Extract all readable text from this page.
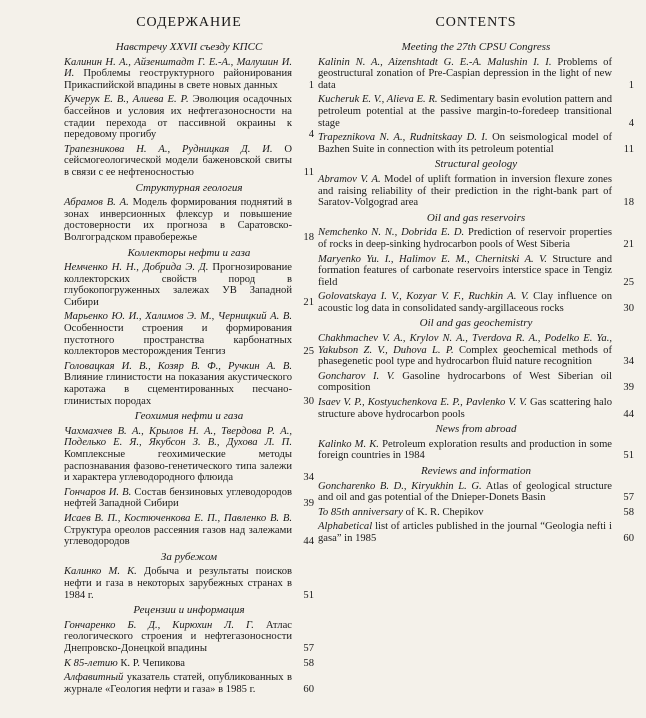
СОДЕРЖАНИЕ
Навстречу XXVII съезду КПСС
Калинин Н. А., Айзенштадт Г. Е.-А., Малушин И. И. Проблемы геоструктурного районирования Прикаспийской впадины в свете новых данных	1
Кучерук Е. В., Алиева Е. Р. Эволюция осадочных бассейнов и условия их нефтегазоносности на стадии перехода от пассивной окраины к передовому прогибу	4
Трапезникова Н. А., Рудницкая Д. И. О сейсмогеологической модели баженовской свиты в связи с ее нефтеносностью	11
Структурная геология
Абрамов В. А. Модель формирования поднятий в зонах инверсионных флексур и повышение достоверности их прогноза в Саратовско-Волгоградском правобережье	18
Коллекторы нефти и газа
Немченко Н. Н., Добрида Э. Д. Прогнозирование коллекторских свойств пород в глубокопогруженных залежах УВ Западной Сибири	21
Марьенко Ю. И., Халимов Э. М., Черницкий А. В. Особенности строения и формирования пустотного пространства карбонатных коллекторов месторождения Тенгиз	25
Головацкая И. В., Козяр В. Ф., Ручкин А. В. Влияние глинистости на показания акустического каротажа в сцементированных песчано-глинистых породах	30
Геохимия нефти и газа
Чахмахчев В. А., Крылов Н. А., Твердова Р. А., Поделько Е. Я., Якубсон З. В., Духова Л. П. Комплексные геохимические методы распознавания фазово-генетического типа залежи и характера углеводородного флюида	34
Гончаров И. В. Состав бензиновых углеводородов нефтей Западной Сибири	39
Исаев В. П., Костюченкова Е. П., Павленко В. В. Структура ореолов рассеяния газов над залежами углеводородов	44
За рубежом
Калинко М. К. Добыча и результаты поисков нефти и газа в некоторых зарубежных странах в 1984 г.	51
Рецензии и информация
Гончаренко Б. Д., Кирюхин Л. Г. Атлас геологического строения и нефтегазоносности Днепровско-Донецкой впадины	57
К 85-летию К. Р. Чепикова	58
Алфавитный указатель статей, опубликованных в журнале «Геология нефти и газа» в 1985 г.	60
CONTENTS
Meeting the 27th CPSU Congress
Kalinin N. A., Aizenshtadt G. E.-A. Malushin I. I. Problems of geostructural zonation of Pre-Caspian depression in the light of new data	1
Kucheruk E. V., Alieva E. R. Sedimentary basin evolution pattern and petroleum potential at the passive margin-to-foredeep transitional stage	4
Trapeznikova N. A., Rudnitskaay D. I. On seismological model of Bazhen Suite in connection with its petroleum potential	11
Structural geology
Abramov V. A. Model of uplift formation in inversion flexure zones and raising reliability of their prediction in the right-bank part of Saratov-Volgograd area	18
Oil and gas reservoirs
Nemchenko N. N., Dobrida E. D. Prediction of reservoir properties of rocks in deep-sinking hydrocarbon pools of West Siberia	21
Maryenko Yu. I., Halimov E. M., Chernitski A. V. Structure and formation features of carbonate reservoirs interstice space in Tengiz field	25
Golovatskaya I. V., Kozyar V. F., Ruchkin A. V. Clay influence on acoustic log data in consolidated sandy-argillaceous rocks	30
Oil and gas geochemistry
Chakhmachev V. A., Krylov N. A., Tverdova R. A., Podelko E. Ya., Yakubson Z. V., Duhova L. P. Complex geochemical methods of phasegenetic pool type and hydrocarbon fluid nature recognition	34
Goncharov I. V. Gasoline hydrocarbons of West Siberian oil composition	39
Isaev V. P., Kostyuchenkova E. P., Pavlenko V. V. Gas scattering halo structure above hydrocarbon pools	44
News from abroad
Kalinko M. K. Petroleum exploration results and production in some foreign countries in 1984	51
Reviews and information
Goncharenko B. D., Kiryukhin L. G. Atlas of geological structure and oil and gas potential of the Dnieper-Donets Basin	57
To 85th anniversary of K. R. Chepikov	58
Alphabetical list of articles published in the journal “Geologia nefti i gasa” in 1985	60
